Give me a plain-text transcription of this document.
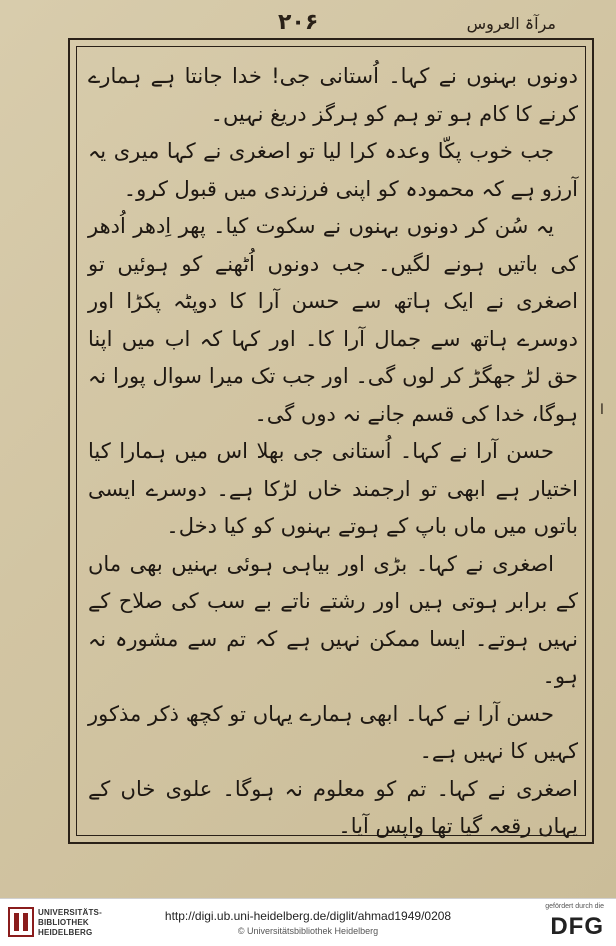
۲۰۶	مرآۃ العروس

دونوں بہنوں نے کہا۔ اُستانی جی! خدا جانتا ہے ہمارے کرنے کا کام ہو تو ہم کو ہرگز دریغ نہیں۔

جب خوب پکّا وعدہ کرا لیا تو اصغری نے کہا میری یہ آرزو ہے کہ محمودہ کو اپنی فرزندی میں قبول کرو۔

یہ سُن کر دونوں بہنوں نے سکوت کیا۔ پھر اِدھر اُدھر کی باتیں ہونے لگیں۔ جب دونوں اُٹھنے کو ہوئیں تو اصغری نے ایک ہاتھ سے حسن آرا کا دوپٹہ پکڑا اور دوسرے ہاتھ سے جمال آرا کا۔ اور کہا کہ اب میں اپنا حق لڑ جھگڑ کر لوں گی۔ اور جب تک میرا سوال پورا نہ ہوگا، خدا کی قسم جانے نہ دوں گی۔

حسن آرا نے کہا۔ اُستانی جی بھلا اس میں ہمارا کیا اختیار ہے ابھی تو ارجمند خاں لڑکا ہے۔ دوسرے ایسی باتوں میں ماں باپ کے ہوتے بہنوں کو کیا دخل۔

اصغری نے کہا۔ بڑی اور بیاہی ہوئی بہنیں بھی ماں کے برابر ہوتی ہیں اور رشتے ناتے بے سب کی صلاح کے نہیں ہوتے۔ ایسا ممکن نہیں ہے کہ تم سے مشورہ نہ ہو۔

حسن آرا نے کہا۔ ابھی ہمارے یہاں تو کچھ ذکر مذکور کہیں کا نہیں ہے۔

اصغری نے کہا۔ تم کو معلوم نہ ہوگا۔ علوی خاں کے یہاں رقعہ گیا تھا واپس آیا۔

ا
UNIVERSITÄTS-
BIBLIOTHEK
HEIDELBERG
http://digi.ub.uni-heidelberg.de/diglit/ahmad1949/0208
© Universitätsbibliothek Heidelberg
gefördert durch die
DFG
